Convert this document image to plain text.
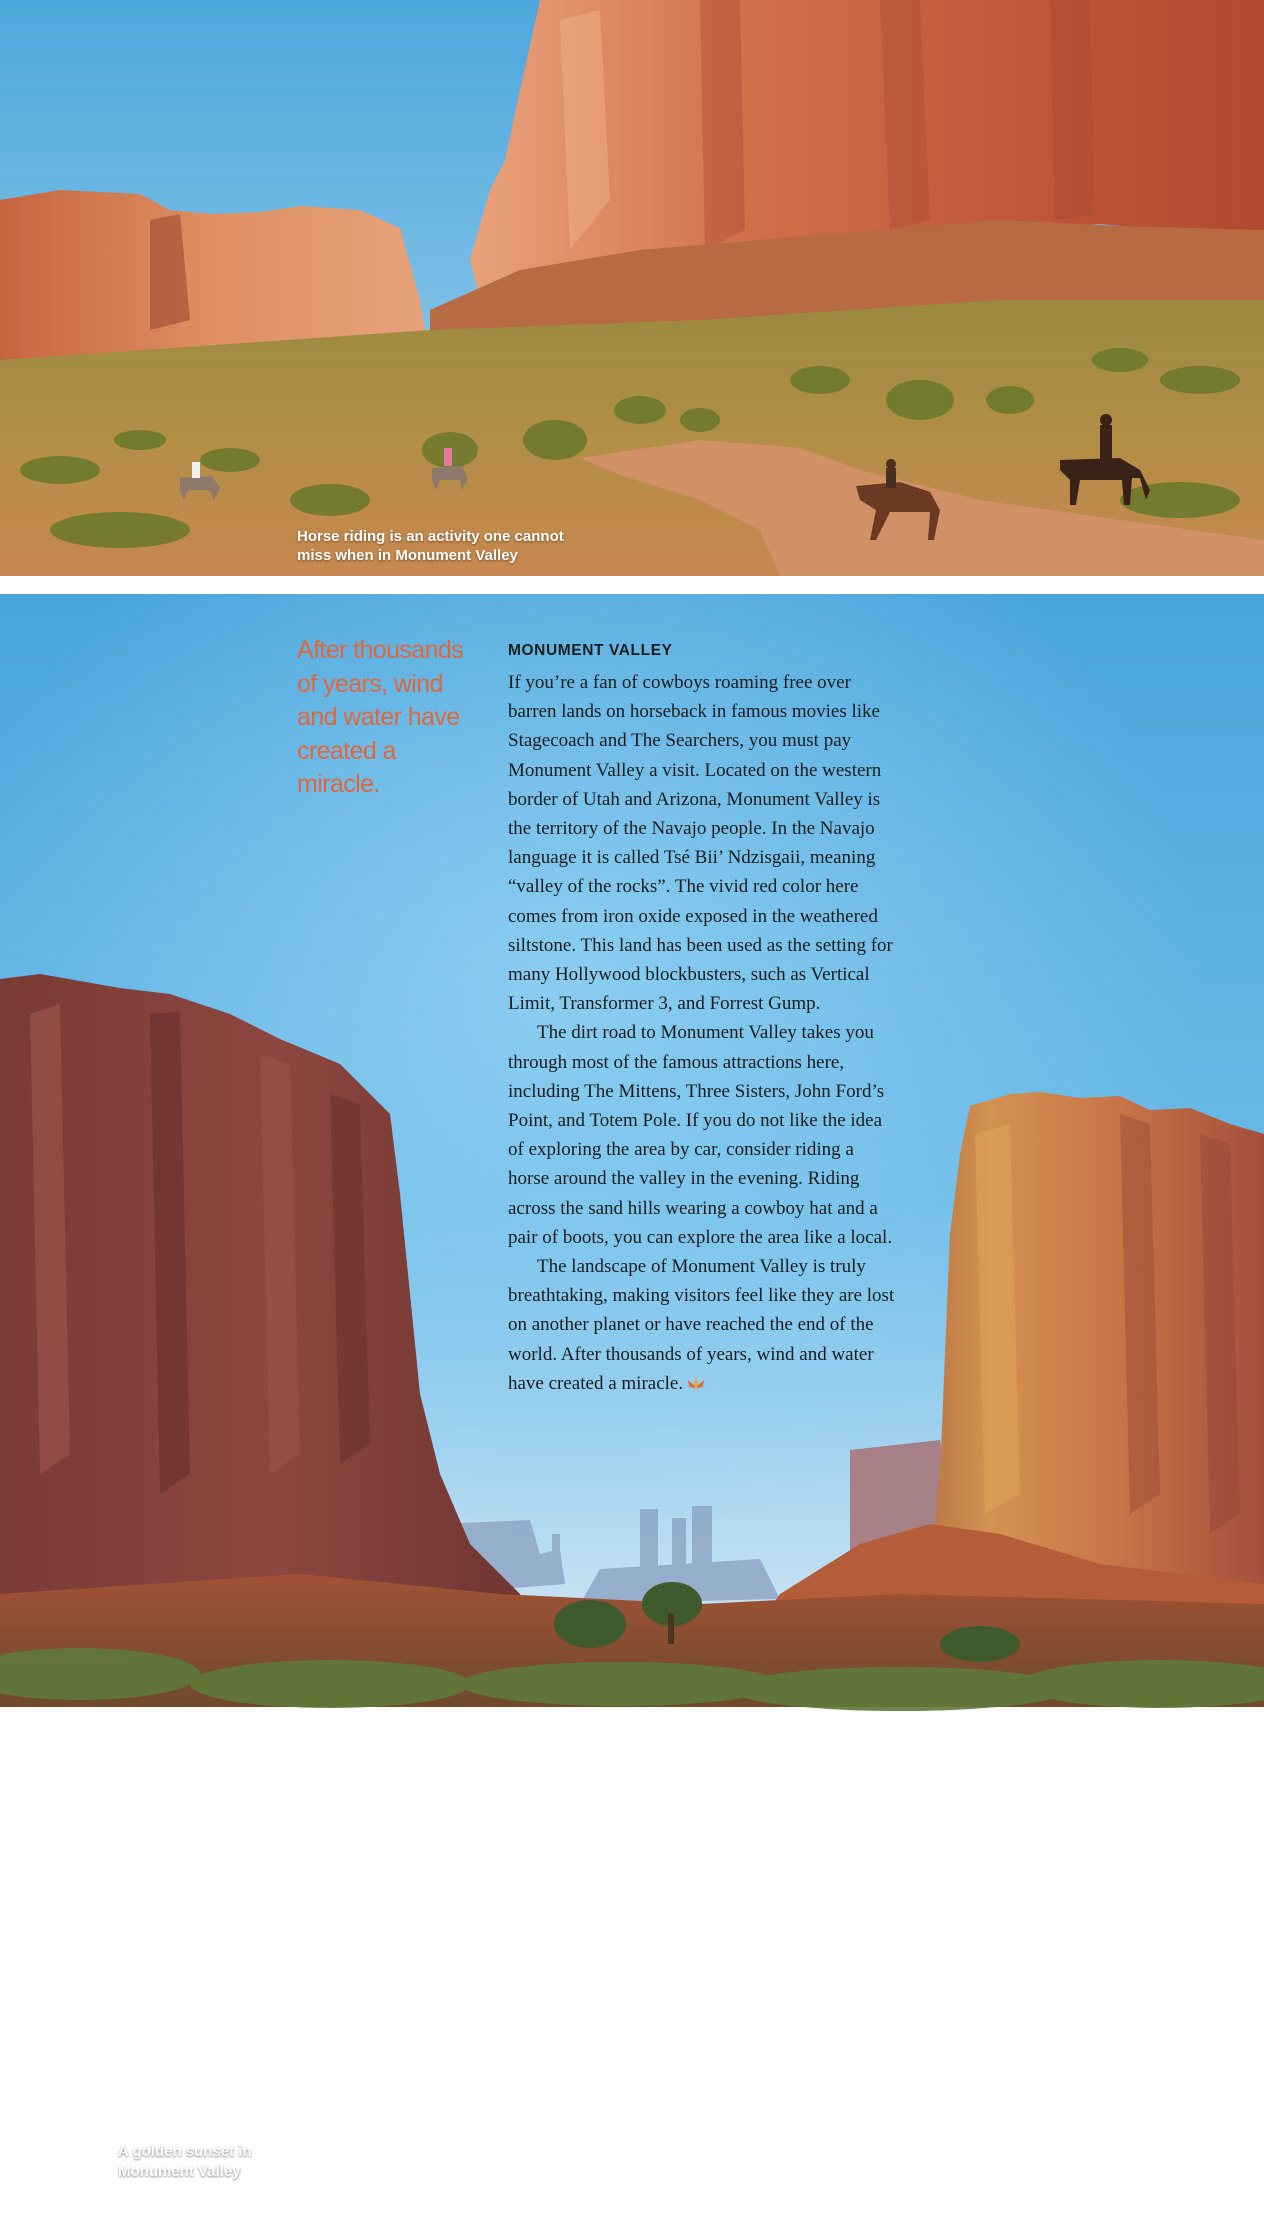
Horse riding is an activity one cannot miss when in Monument Valley
A golden sunset in Monument Valley
94 HERITAGE FEBRUARY 2019
After thousands of years, wind and water have created a miracle.
MONUMENT VALLEY

If you’re a fan of cowboys roaming free over barren lands on horseback in famous movies like Stagecoach and The Searchers, you must pay Monument Valley a visit. Located on the western border of Utah and Arizona, Monument Valley is the territory of the Navajo people. In the Navajo language it is called Tsé Bii’ Ndzisgaii, meaning “valley of the rocks”. The vivid red color here comes from iron oxide exposed in the weathered siltstone. This land has been used as the setting for many Hollywood blockbusters, such as Vertical Limit, Transformer 3, and Forrest Gump.

The dirt road to Monument Valley takes you through most of the famous attractions here, including The Mittens, Three Sisters, John Ford’s Point, and Totem Pole. If you do not like the idea of exploring the area by car, consider riding a horse around the valley in the evening. Riding across the sand hills wearing a cowboy hat and a pair of boots, you can explore the area like a local.

The landscape of Monument Valley is truly breathtaking, making visitors feel like they are lost on another planet or have reached the end of the world. After thousands of years, wind and water have created a miracle.
